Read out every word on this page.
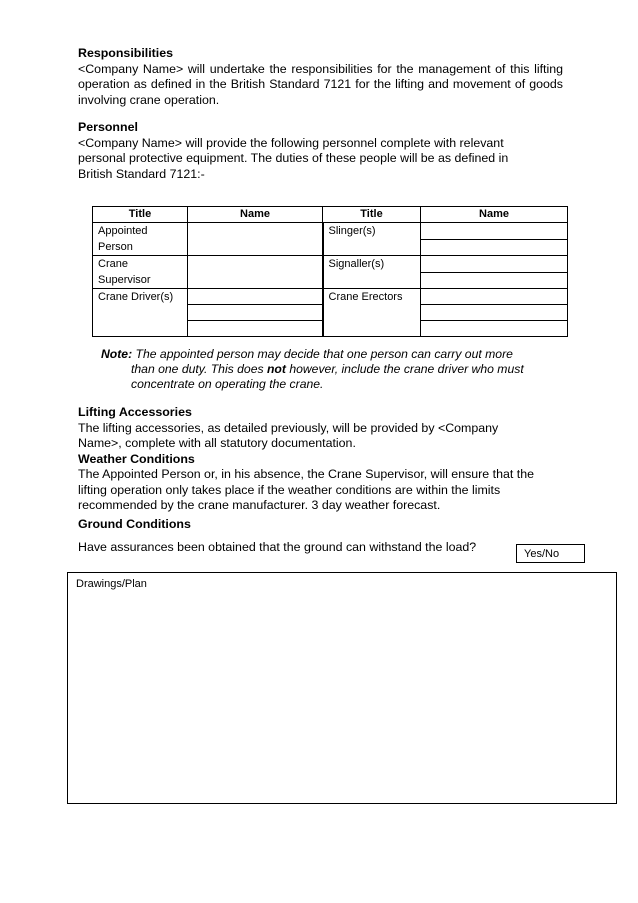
Responsibilities
<Company Name> will undertake the responsibilities for the management of this lifting operation as defined in the British Standard 7121 for the lifting and movement of goods involving crane operation.
Personnel
<Company Name> will provide the following personnel complete with relevant
personal protective equipment. The duties of these people will be as defined in
British Standard 7121:-
Title	Name	Title	Name

Appointed
Person		Slinger(s)	

Crane
Supervisor		Signaller(s)	

Crane Driver(s)		Crane Erectors	

Note: The appointed person may decide that one person can carry out more
than one duty. This does not however, include the crane driver who must
concentrate on operating the crane.
Lifting Accessories
The lifting accessories, as detailed previously, will be provided by <Company
Name>, complete with all statutory documentation.
Weather Conditions
The Appointed Person or, in his absence, the Crane Supervisor, will ensure that the
lifting operation only takes place if the weather conditions are within the limits
recommended by the crane manufacturer. 3 day weather forecast.
Ground Conditions
Have assurances been obtained that the ground can withstand the load?	Yes/No
Drawings/Plan
